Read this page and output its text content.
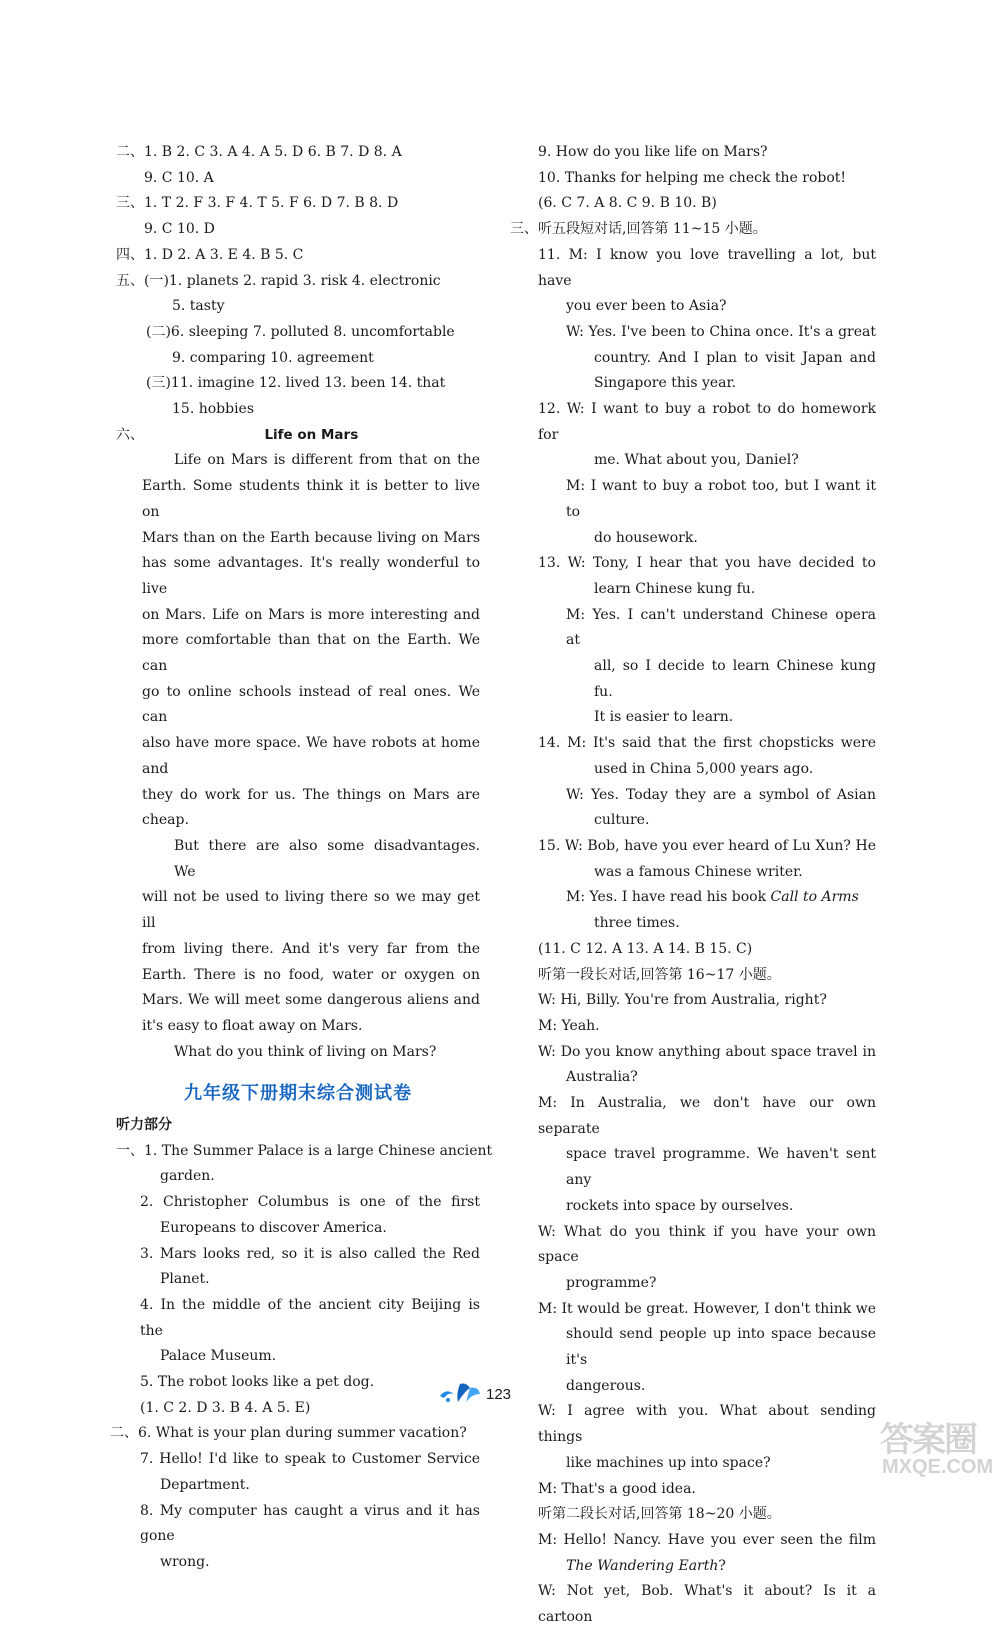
二、1. B 2. C 3. A 4. A 5. D 6. B 7. D 8. A
9. C 10. A
三、1. T 2. F 3. F 4. T 5. F 6. D 7. B 8. D
9. C 10. D
四、1. D 2. A 3. E 4. B 5. C
五、(一)1. planets 2. rapid 3. risk 4. electronic
5. tasty
(二)6. sleeping 7. polluted 8. uncomfortable
9. comparing 10. agreement
(三)11. imagine 12. lived 13. been 14. that
15. hobbies
六、	Life on Mars
Life on Mars is different from that on the
Earth. Some students think it is better to live on
Mars than on the Earth because living on Mars
has some advantages. It's really wonderful to live
on Mars. Life on Mars is more interesting and
more comfortable than that on the Earth. We can
go to online schools instead of real ones. We can
also have more space. We have robots at home and
they do work for us. The things on Mars are
cheap.
But there are also some disadvantages. We
will not be used to living there so we may get ill
from living there. And it's very far from the
Earth. There is no food, water or oxygen on
Mars. We will meet some dangerous aliens and
it's easy to float away on Mars.
What do you think of living on Mars?
九年级下册期末综合测试卷
听力部分
一、1. The Summer Palace is a large Chinese ancient
garden.
2. Christopher Columbus is one of the first
Europeans to discover America.
3. Mars looks red, so it is also called the Red
Planet.
4. In the middle of the ancient city Beijing is the
Palace Museum.
5. The robot looks like a pet dog.
(1. C 2. D 3. B 4. A 5. E)
二、6. What is your plan during summer vacation?
7. Hello! I'd like to speak to Customer Service
Department.
8. My computer has caught a virus and it has gone
wrong.
9. How do you like life on Mars?
10. Thanks for helping me check the robot!
(6. C 7. A 8. C 9. B 10. B)
三、听五段短对话,回答第 11~15 小题。
11. M: I know you love travelling a lot, but have
you ever been to Asia?
W: Yes. I've been to China once. It's a great
country. And I plan to visit Japan and
Singapore this year.
12. W: I want to buy a robot to do homework for
me. What about you, Daniel?
M: I want to buy a robot too, but I want it to
do housework.
13. W: Tony, I hear that you have decided to
learn Chinese kung fu.
M: Yes. I can't understand Chinese opera at
all, so I decide to learn Chinese kung fu.
It is easier to learn.
14. M: It's said that the first chopsticks were
used in China 5,000 years ago.
W: Yes. Today they are a symbol of Asian
culture.
15. W: Bob, have you ever heard of Lu Xun? He
was a famous Chinese writer.
M: Yes. I have read his book Call to Arms
three times.
(11. C 12. A 13. A 14. B 15. C)
听第一段长对话,回答第 16~17 小题。
W: Hi, Billy. You're from Australia, right?
M: Yeah.
W: Do you know anything about space travel in
Australia?
M: In Australia, we don't have our own separate
space travel programme. We haven't sent any
rockets into space by ourselves.
W: What do you think if you have your own space
programme?
M: It would be great. However, I don't think we
should send people up into space because it's
dangerous.
W: I agree with you. What about sending things
like machines up into space?
M: That's a good idea.
听第二段长对话,回答第 18~20 小题。
M: Hello! Nancy. Have you ever seen the film
The Wandering Earth?
W: Not yet, Bob. What's it about? Is it a cartoon
123
答案圈
MXQE.COM
